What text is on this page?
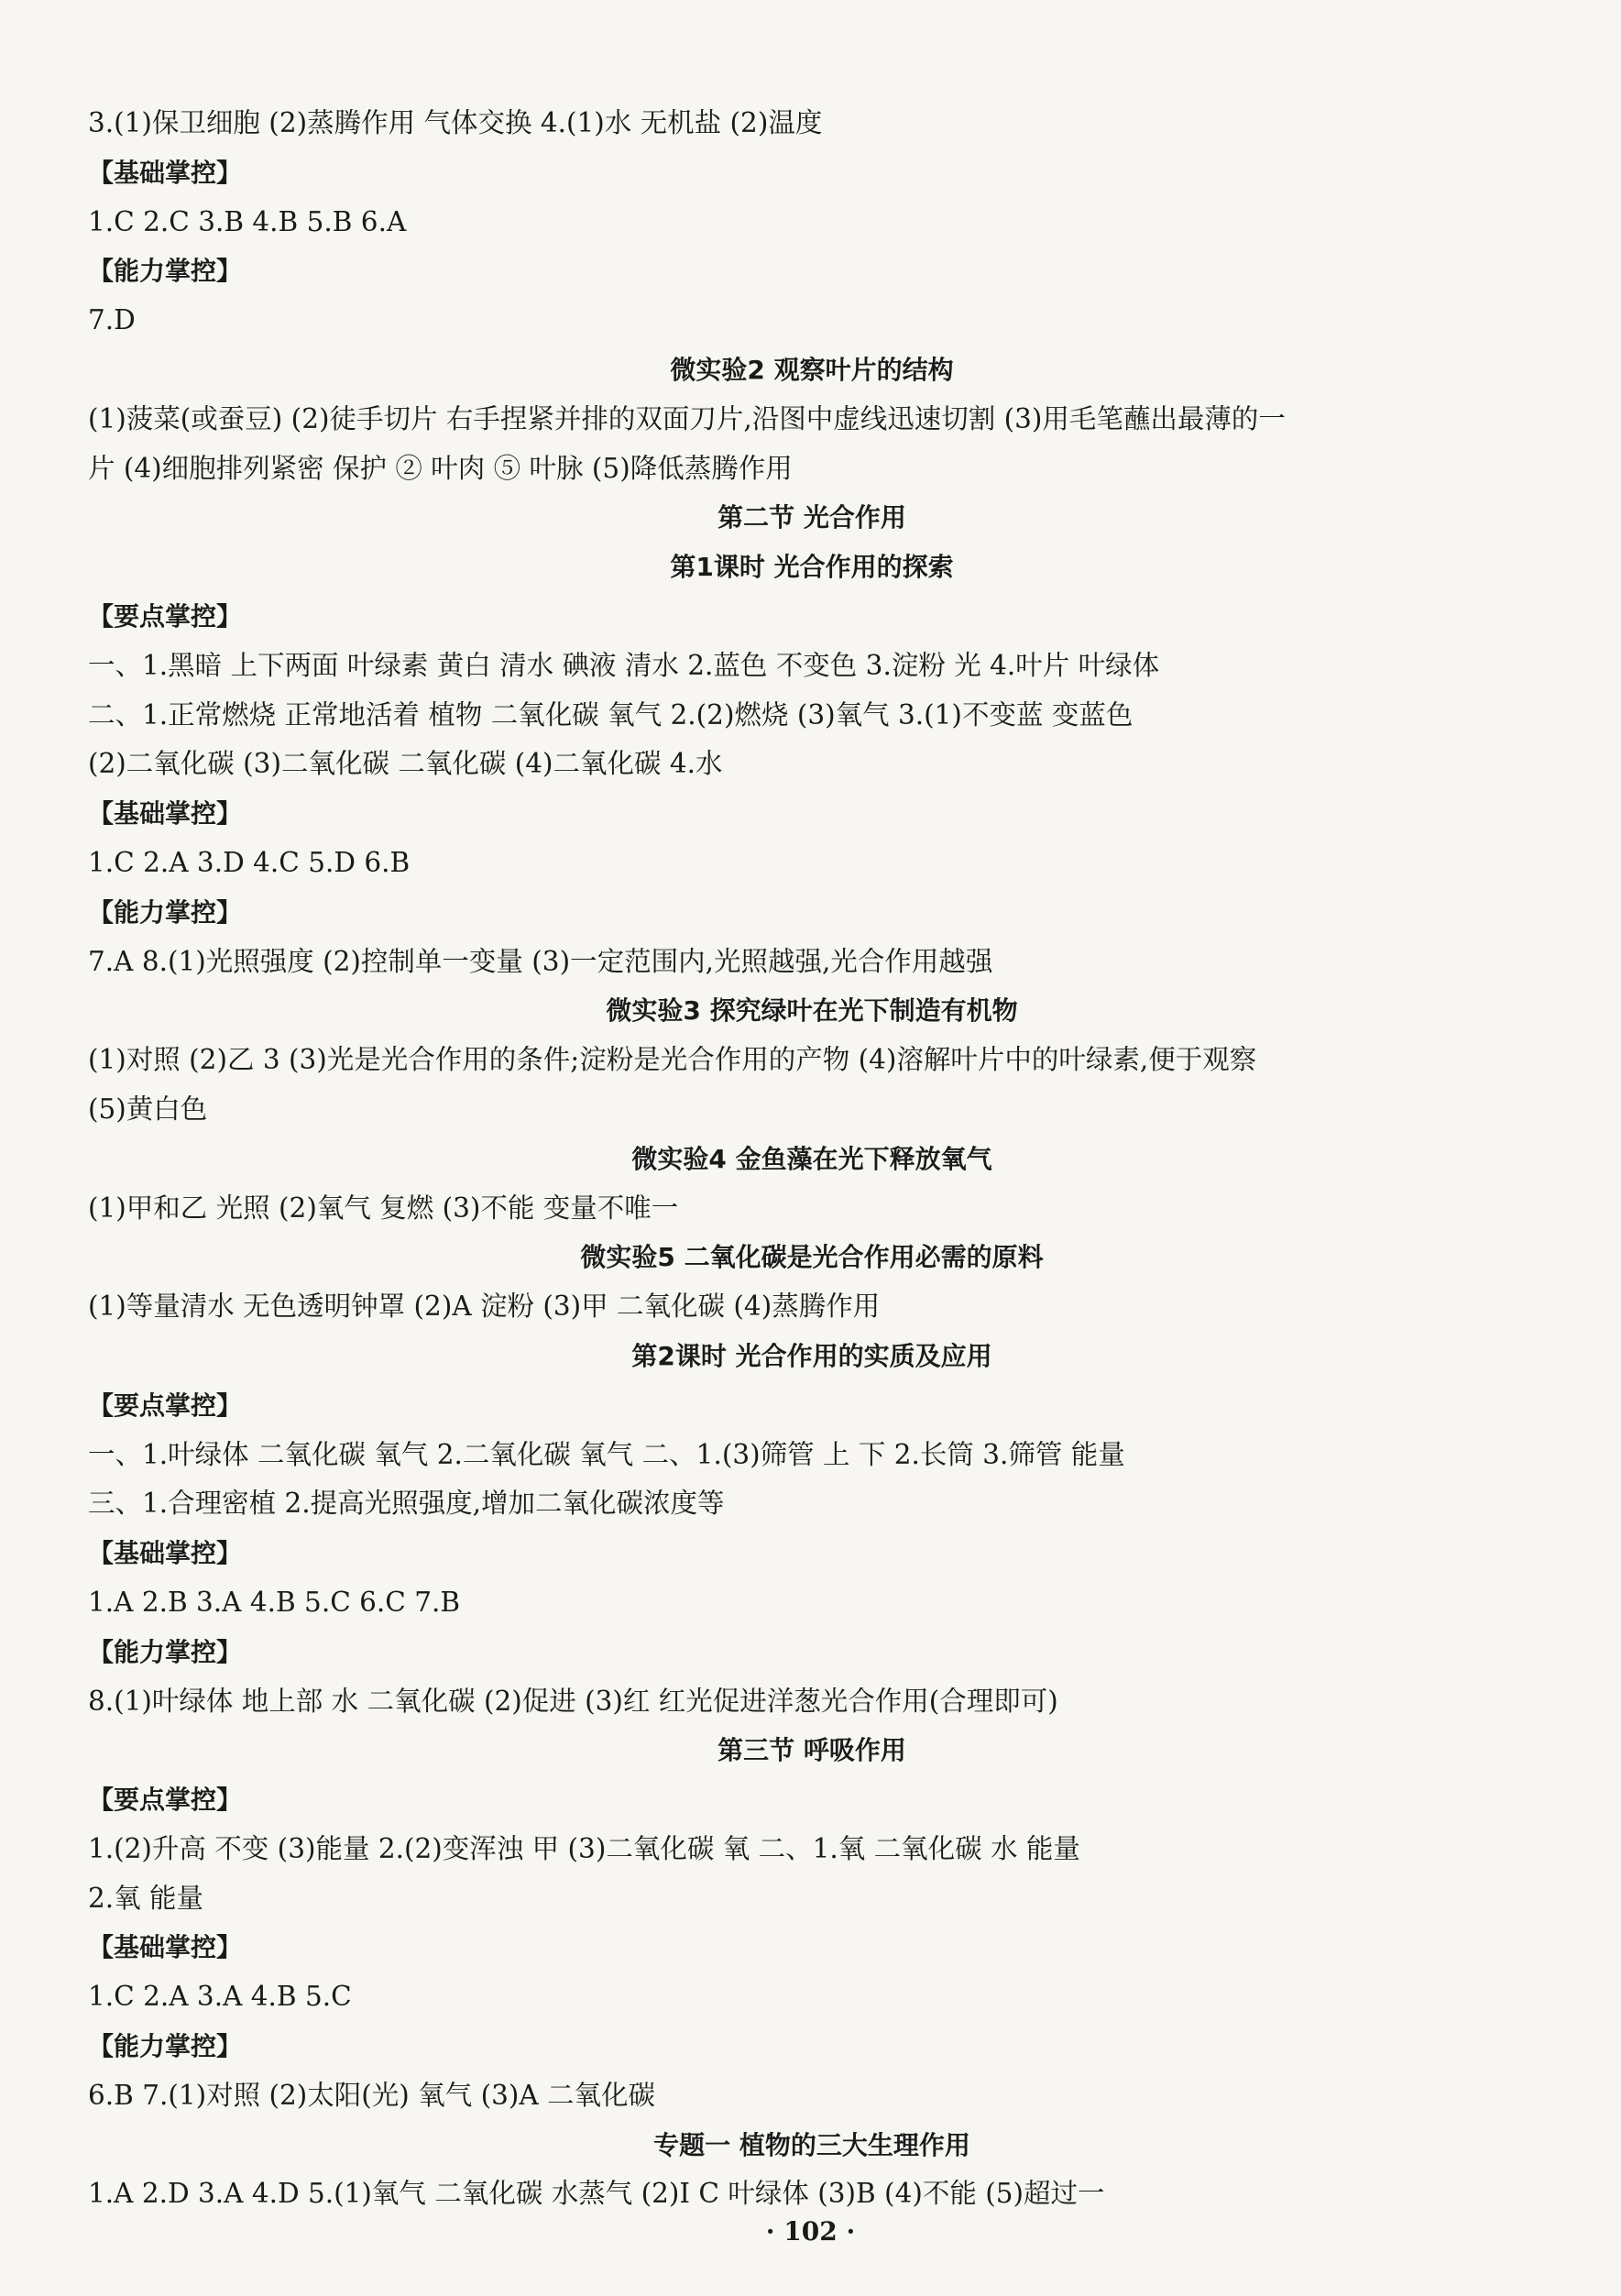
3.(1)保卫细胞 (2)蒸腾作用 气体交换 4.(1)水 无机盐 (2)温度
【基础掌控】
1.C 2.C 3.B 4.B 5.B 6.A
【能力掌控】
7.D
微实验2 观察叶片的结构
(1)菠菜(或蚕豆) (2)徒手切片 右手捏紧并排的双面刀片,沿图中虚线迅速切割 (3)用毛笔蘸出最薄的一
片 (4)细胞排列紧密 保护 ② 叶肉 ⑤ 叶脉 (5)降低蒸腾作用
第二节 光合作用
第1课时 光合作用的探索
【要点掌控】
一、1.黑暗 上下两面 叶绿素 黄白 清水 碘液 清水 2.蓝色 不变色 3.淀粉 光 4.叶片 叶绿体
二、1.正常燃烧 正常地活着 植物 二氧化碳 氧气 2.(2)燃烧 (3)氧气 3.(1)不变蓝 变蓝色
(2)二氧化碳 (3)二氧化碳 二氧化碳 (4)二氧化碳 4.水
【基础掌控】
1.C 2.A 3.D 4.C 5.D 6.B
【能力掌控】
7.A 8.(1)光照强度 (2)控制单一变量 (3)一定范围内,光照越强,光合作用越强
微实验3 探究绿叶在光下制造有机物
(1)对照 (2)乙 3 (3)光是光合作用的条件;淀粉是光合作用的产物 (4)溶解叶片中的叶绿素,便于观察
(5)黄白色
微实验4 金鱼藻在光下释放氧气
(1)甲和乙 光照 (2)氧气 复燃 (3)不能 变量不唯一
微实验5 二氧化碳是光合作用必需的原料
(1)等量清水 无色透明钟罩 (2)A 淀粉 (3)甲 二氧化碳 (4)蒸腾作用
第2课时 光合作用的实质及应用
【要点掌控】
一、1.叶绿体 二氧化碳 氧气 2.二氧化碳 氧气 二、1.(3)筛管 上 下 2.长筒 3.筛管 能量
三、1.合理密植 2.提高光照强度,增加二氧化碳浓度等
【基础掌控】
1.A 2.B 3.A 4.B 5.C 6.C 7.B
【能力掌控】
8.(1)叶绿体 地上部 水 二氧化碳 (2)促进 (3)红 红光促进洋葱光合作用(合理即可)
第三节 呼吸作用
【要点掌控】
1.(2)升高 不变 (3)能量 2.(2)变浑浊 甲 (3)二氧化碳 氧 二、1.氧 二氧化碳 水 能量
2.氧 能量
【基础掌控】
1.C 2.A 3.A 4.B 5.C
【能力掌控】
6.B 7.(1)对照 (2)太阳(光) 氧气 (3)A 二氧化碳
专题一 植物的三大生理作用
1.A 2.D 3.A 4.D 5.(1)氧气 二氧化碳 水蒸气 (2)Ⅰ C 叶绿体 (3)B (4)不能 (5)超过一
· 102 ·
